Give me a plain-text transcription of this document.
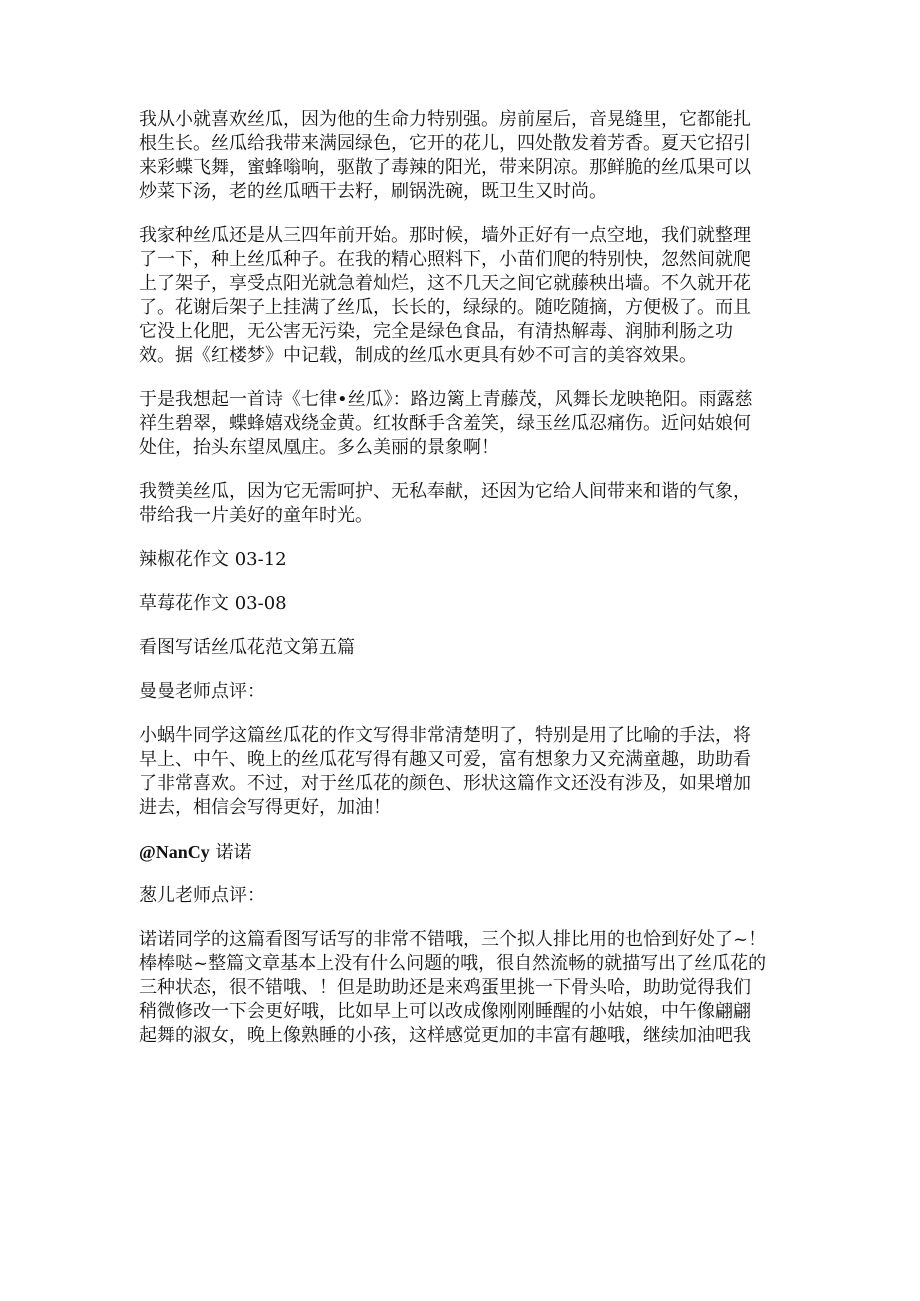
我从小就喜欢丝瓜，因为他的生命力特别强。房前屋后，音晃缝里，它都能扎
根生长。丝瓜给我带来满园绿色，它开的花儿，四处散发着芳香。夏天它招引
来彩蝶飞舞，蜜蜂嗡响，驱散了毒辣的阳光，带来阴凉。那鲜脆的丝瓜果可以
炒菜下汤，老的丝瓜晒干去籽，刷锅洗碗，既卫生又时尚。
我家种丝瓜还是从三四年前开始。那时候，墙外正好有一点空地，我们就整理
了一下，种上丝瓜种子。在我的精心照料下，小苗们爬的特别快，忽然间就爬
上了架子，享受点阳光就急着灿烂，这不几天之间它就藤秧出墙。不久就开花
了。花谢后架子上挂满了丝瓜，长长的，绿绿的。随吃随摘，方便极了。而且
它没上化肥，无公害无污染，完全是绿色食品，有清热解毒、润肺利肠之功
效。据《红楼梦》中记载，制成的丝瓜水更具有妙不可言的美容效果。
于是我想起一首诗《七律•丝瓜》：路边篱上青藤茂，风舞长龙映艳阳。雨露慈
祥生碧翠，蝶蜂嬉戏绕金黄。红妆酥手含羞笑，绿玉丝瓜忍痛伤。近问姑娘何
处住，抬头东望凤凰庄。多么美丽的景象啊！
我赞美丝瓜，因为它无需呵护、无私奉献，还因为它给人间带来和谐的气象，
带给我一片美好的童年时光。
辣椒花作文 03-12
草莓花作文 03-08
看图写话丝瓜花范文第五篇
曼曼老师点评：
小蜗牛同学这篇丝瓜花的作文写得非常清楚明了，特别是用了比喻的手法，将
早上、中午、晚上的丝瓜花写得有趣又可爱，富有想象力又充满童趣，助助看
了非常喜欢。不过，对于丝瓜花的颜色、形状这篇作文还没有涉及，如果增加
进去，相信会写得更好，加油！
@NanCy 诺诺
葱儿老师点评：
诺诺同学的这篇看图写话写的非常不错哦，三个拟人排比用的也恰到好处了~！
棒棒哒~整篇文章基本上没有什么问题的哦，很自然流畅的就描写出了丝瓜花的
三种状态，很不错哦、！但是助助还是来鸡蛋里挑一下骨头哈，助助觉得我们
稍微修改一下会更好哦，比如早上可以改成像刚刚睡醒的小姑娘，中午像翩翩
起舞的淑女，晚上像熟睡的小孩，这样感觉更加的丰富有趣哦，继续加油吧我
